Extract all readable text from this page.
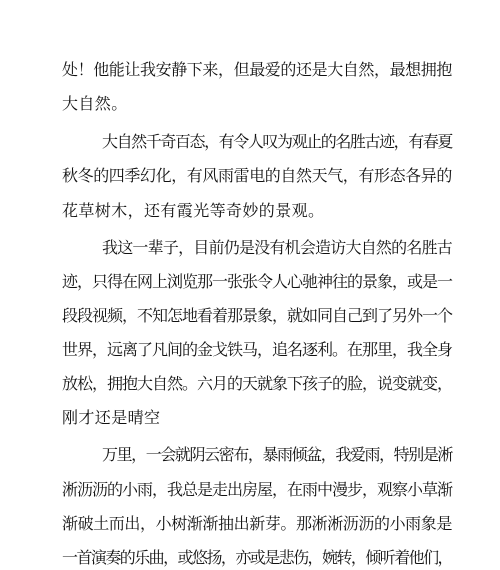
处！他能让我安静下来，但最爱的还是大自然，最想拥抱
大自然。
大自然千奇百态，有令人叹为观止的名胜古迹，有春夏
秋冬的四季幻化，有风雨雷电的自然天气，有形态各异的
花草树木，还有霞光等奇妙的景观。
我这一辈子，目前仍是没有机会造访大自然的名胜古
迹，只得在网上浏览那一张张令人心驰神往的景象，或是一
段段视频，不知怎地看着那景象，就如同自己到了另外一个
世界，远离了凡间的金戈铁马，追名逐利。在那里，我全身
放松，拥抱大自然。六月的天就象下孩子的脸，说变就变，
刚才还是晴空
万里，一会就阴云密布，暴雨倾盆，我爱雨，特别是淅
淅沥沥的小雨，我总是走出房屋，在雨中漫步，观察小草渐
渐破土而出，小树渐渐抽出新芽。那淅淅沥沥的小雨象是
一首演奏的乐曲，或悠扬，亦或是悲伤，婉转，倾听着他们，
